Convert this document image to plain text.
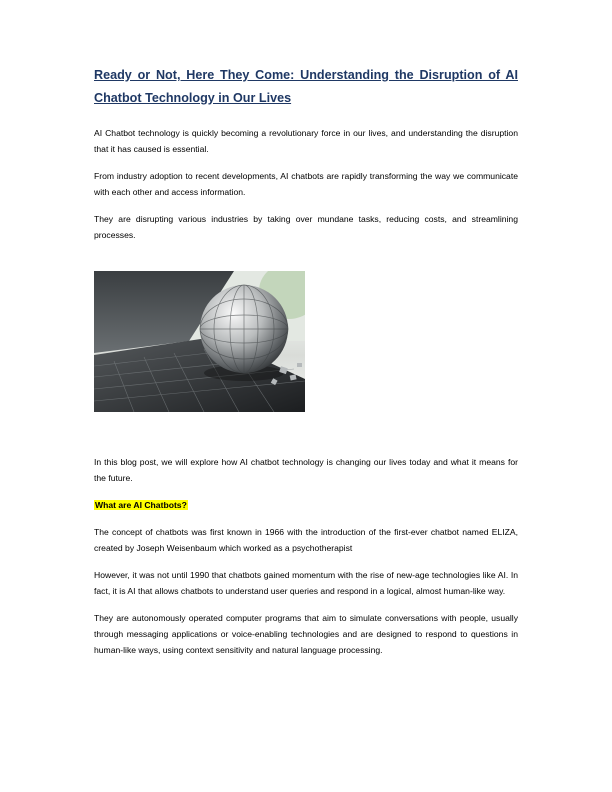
Ready or Not, Here They Come: Understanding the Disruption of AI Chatbot Technology in Our Lives

AI Chatbot technology is quickly becoming a revolutionary force in our lives, and understanding the disruption that it has caused is essential.

From industry adoption to recent developments, AI chatbots are rapidly transforming the way we communicate with each other and access information.

They are disrupting various industries by taking over mundane tasks, reducing costs, and streamlining processes.

In this blog post, we will explore how AI chatbot technology is changing our lives today and what it means for the future.

What are AI Chatbots?

The concept of chatbots was first known in 1966 with the introduction of the first-ever chatbot named ELIZA, created by Joseph Weisenbaum which worked as a psychotherapist

However, it was not until 1990 that chatbots gained momentum with the rise of new-age technologies like AI. In fact, it is AI that allows chatbots to understand user queries and respond in a logical, almost human-like way.

They are autonomously operated computer programs that aim to simulate conversations with people, usually through messaging applications or voice-enabling technologies and are designed to respond to questions in human-like ways, using context sensitivity and natural language processing.
